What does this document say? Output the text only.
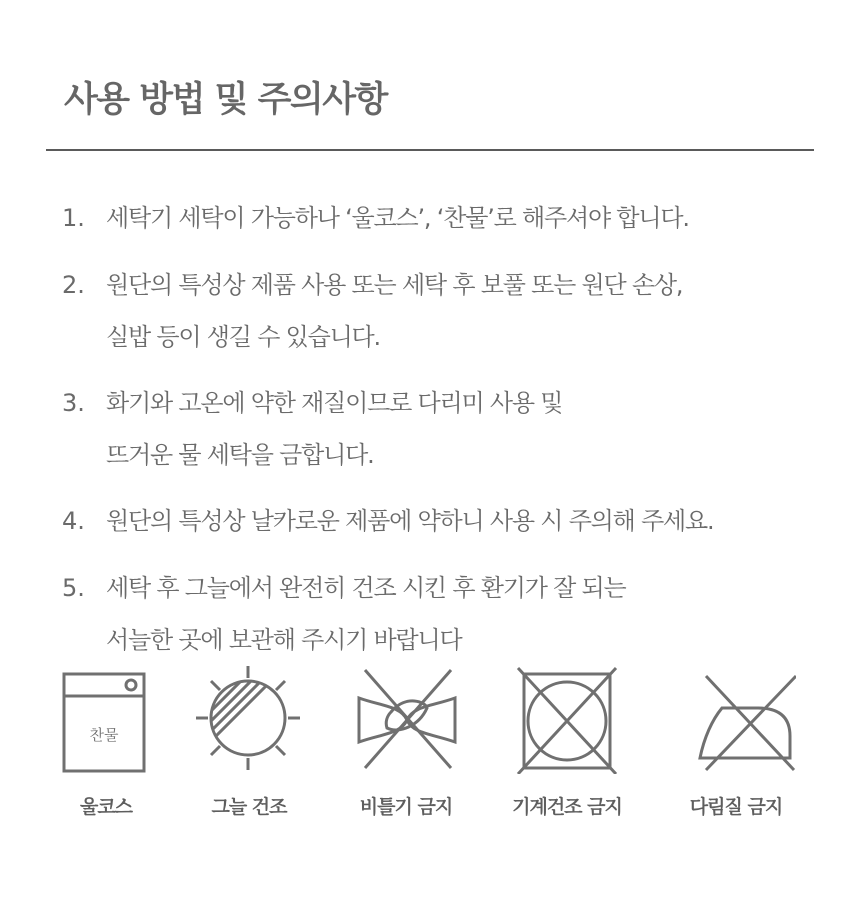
사용 방법 및 주의사항
1. 세탁기 세탁이 가능하나 ‘울코스’, ‘찬물’로 해주셔야 합니다.
2. 원단의 특성상 제품 사용 또는 세탁 후 보풀 또는 원단 손상,
실밥 등이 생길 수 있습니다.
3. 화기와 고온에 약한 재질이므로 다리미 사용 및
뜨거운 물 세탁을 금합니다.
4. 원단의 특성상 날카로운 제품에 약하니 사용 시 주의해 주세요.
5. 세탁 후 그늘에서 완전히 건조 시킨 후 환기가 잘 되는
서늘한 곳에 보관해 주시기 바랍니다
찬물
울코스	그늘 건조	비틀기 금지	기계건조 금지	다림질 금지
